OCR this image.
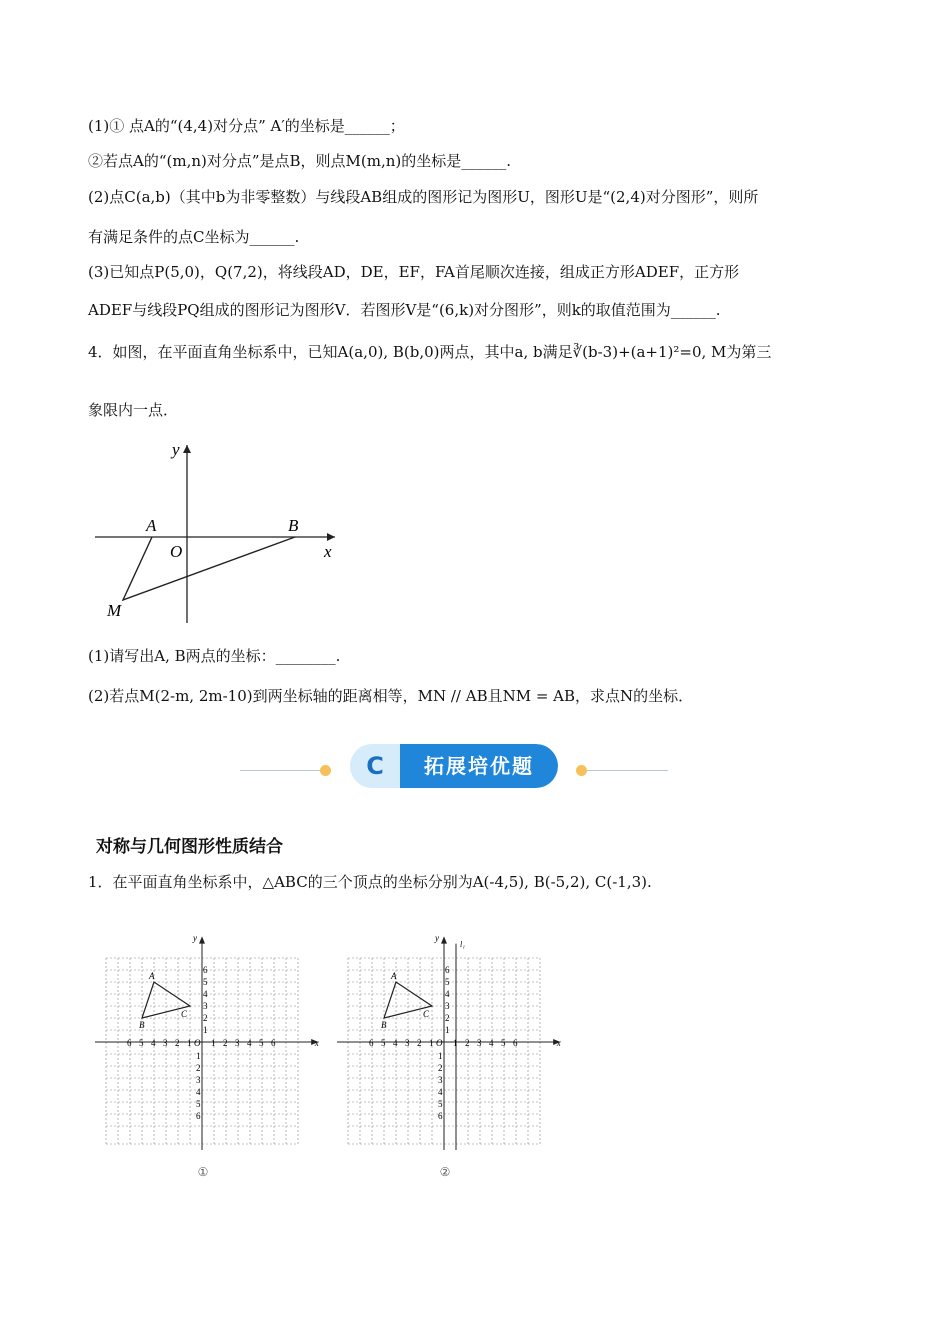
(1)① 点A的“(4,4)对分点” A′的坐标是______；
②若点A的“(m,n)对分点”是点B，则点M(m,n)的坐标是______.
(2)点C(a,b)（其中b为非零整数）与线段AB组成的图形记为图形U，图形U是“(2,4)对分图形”，则所
有满足条件的点C坐标为______.
(3)已知点P(5,0)，Q(7,2)，将线段AD，DE，EF，FA首尾顺次连接，组成正方形ADEF，正方形
ADEF与线段PQ组成的图形记为图形V．若图形V是“(6,k)对分图形”，则k的取值范围为______.
4．如图，在平面直角坐标系中，已知A(a,0), B(b,0)两点，其中a, b满足∛(b-3)+(a+1)²=0, M为第三
象限内一点．
y
x
O
A	B
M
(1)请写出A, B两点的坐标：________.
(2)若点M(2-m, 2m-10)到两坐标轴的距离相等，MN // AB且NM = AB，求点N的坐标．
C	拓展培优题
对称与几何图形性质结合
1．在平面直角坐标系中，△ABC的三个顶点的坐标分别为A(-4,5), B(-5,2), C(-1,3).
6	1
5	2
4	3
3	4
2	5
1	6
6
1
5
2
4
3
3
4
2
5
1
6
x
y
O
A
B
C
①
l₁
6	1
5	2
4	3
3	4
2	5
1	6
6
1
5
2
4
3
3
4
2
5
1
6
x
y
O
A
B
C
②
